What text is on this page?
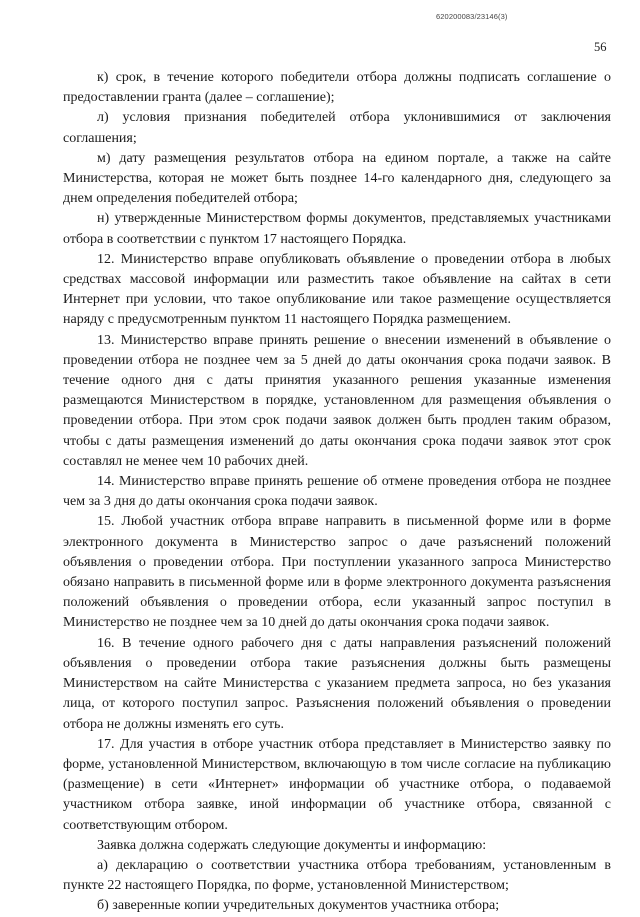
620200083/23146(3)
56

к) срок, в течение которого победители отбора должны подписать соглашение о предоставлении гранта (далее – соглашение);

л) условия признания победителей отбора уклонившимися от заключения соглашения;

м) дату размещения результатов отбора на едином портале, а также на сайте Министерства, которая не может быть позднее 14-го календарного дня, следующего за днем определения победителей отбора;

н) утвержденные Министерством формы документов, представляемых участниками отбора в соответствии с пунктом 17 настоящего Порядка.

12. Министерство вправе опубликовать объявление о проведении отбора в любых средствах массовой информации или разместить такое объявление на сайтах в сети Интернет при условии, что такое опубликование или такое размещение осуществляется наряду с предусмотренным пунктом 11 настоящего Порядка размещением.

13. Министерство вправе принять решение о внесении изменений в объявление о проведении отбора не позднее чем за 5 дней до даты окончания срока подачи заявок. В течение одного дня с даты принятия указанного решения указанные изменения размещаются Министерством в порядке, установленном для размещения объявления о проведении отбора. При этом срок подачи заявок должен быть продлен таким образом, чтобы с даты размещения изменений до даты окончания срока подачи заявок этот срок составлял не менее чем 10 рабочих дней.

14. Министерство вправе принять решение об отмене проведения отбора не позднее чем за 3 дня до даты окончания срока подачи заявок.

15. Любой участник отбора вправе направить в письменной форме или в форме электронного документа в Министерство запрос о даче разъяснений положений объявления о проведении отбора. При поступлении указанного запроса Министерство обязано направить в письменной форме или в форме электронного документа разъяснения положений объявления о проведении отбора, если указанный запрос поступил в Министерство не позднее чем за 10 дней до даты окончания срока подачи заявок.

16. В течение одного рабочего дня с даты направления разъяснений положений объявления о проведении отбора такие разъяснения должны быть размещены Министерством на сайте Министерства с указанием предмета запроса, но без указания лица, от которого поступил запрос. Разъяснения положений объявления о проведении отбора не должны изменять его суть.

17. Для участия в отборе участник отбора представляет в Министерство заявку по форме, установленной Министерством, включающую в том числе согласие на публикацию (размещение) в сети «Интернет» информации об участнике отбора, о подаваемой участником отбора заявке, иной информации об участнике отбора, связанной с соответствующим отбором.

Заявка должна содержать следующие документы и информацию:

а) декларацию о соответствии участника отбора требованиям, установленным в пункте 22 настоящего Порядка, по форме, установленной Министерством;

б) заверенные копии учредительных документов участника отбора;
